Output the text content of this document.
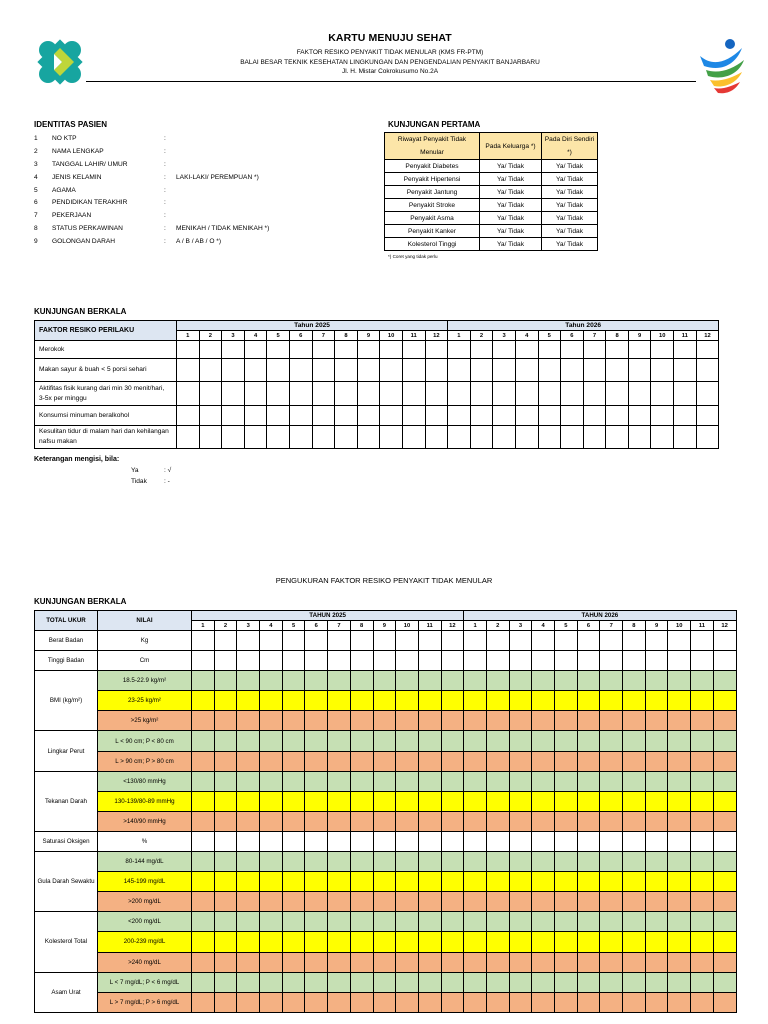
KARTU MENUJU SEHAT
FAKTOR RESIKO PENYAKIT TIDAK MENULAR (KMS FR-PTM)
BALAI BESAR TEKNIK KESEHATAN LINGKUNGAN DAN PENGENDALIAN PENYAKIT BANJARBARU
Jl. H. Mistar Cokrokusumo No.2A
IDENTITAS PASIEN
1	NO KTP	:
2	NAMA LENGKAP	:
3	TANGGAL LAHIR/ UMUR	:
4	JENIS KELAMIN	:	LAKI-LAKI/ PEREMPUAN *)
5	AGAMA	:
6	PENDIDIKAN TERAKHIR	:
7	PEKERJAAN	:
8	STATUS PERKAWINAN	:	MENIKAH / TIDAK MENIKAH *)
9	GOLONGAN DARAH	:	A / B / AB / O *)
KUNJUNGAN PERTAMA
Riwayat Penyakit Tidak Menular	Pada Keluarga *)	Pada Diri Sendiri *)
Penyakit Diabetes	Ya/ Tidak	Ya/ Tidak
Penyakit Hipertensi	Ya/ Tidak	Ya/ Tidak
Penyakit Jantung	Ya/ Tidak	Ya/ Tidak
Penyakit Stroke	Ya/ Tidak	Ya/ Tidak
Penyakit Asma	Ya/ Tidak	Ya/ Tidak
Penyakit Kanker	Ya/ Tidak	Ya/ Tidak
Kolesterol Tinggi	Ya/ Tidak	Ya/ Tidak
*) Coret yang tidak perlu
KUNJUNGAN BERKALA
FAKTOR RESIKO PERILAKU	Tahun 2025												Tahun 2026											
	1	2	3	4	5	6	7	8	9	10	11	12	1	2	3	4	5	6	7	8	9	10	11	12
Merokok																								
Makan sayur & buah < 5 porsi sehari																								
Aktifitas fisik kurang dari min 30 menit/hari, 3-5x per minggu																								
Konsumsi minuman beralkohol																								
Kesulitan tidur di malam hari dan kehilangan nafsu makan																								
Keterangan mengisi, bila:
Ya	: √
Tidak	: -
PENGUKURAN FAKTOR RESIKO PENYAKIT TIDAK MENULAR
KUNJUNGAN BERKALA
TOTAL UKUR	NILAI	TAHUN 2025												TAHUN 2026											
		1	2	3	4	5	6	7	8	9	10	11	12	1	2	3	4	5	6	7	8	9	10	11	12
Berat Badan	Kg																								
Tinggi Badan	Cm																								
BMI (kg/m²)	18.5-22.9 kg/m²																								
	23-25 kg/m²																								
	>25 kg/m²																								
Lingkar Perut	L < 90 cm; P < 80 cm																								
	L > 90 cm; P > 80 cm																								
Tekanan Darah	<130/80 mmHg																								
	130-139/80-89 mmHg																								
	>140/90 mmHg																								
Saturasi Oksigen	%																								
Gula Darah Sewaktu	80-144 mg/dL																								
	145-199 mg/dL																								
	>200 mg/dL																								
Kolesterol Total	<200 mg/dL																								
	200-239 mg/dL																								
	>240 mg/dL																								
Asam Urat	L < 7 mg/dL; P < 6 mg/dL																								
	L > 7 mg/dL; P > 6 mg/dL																								
